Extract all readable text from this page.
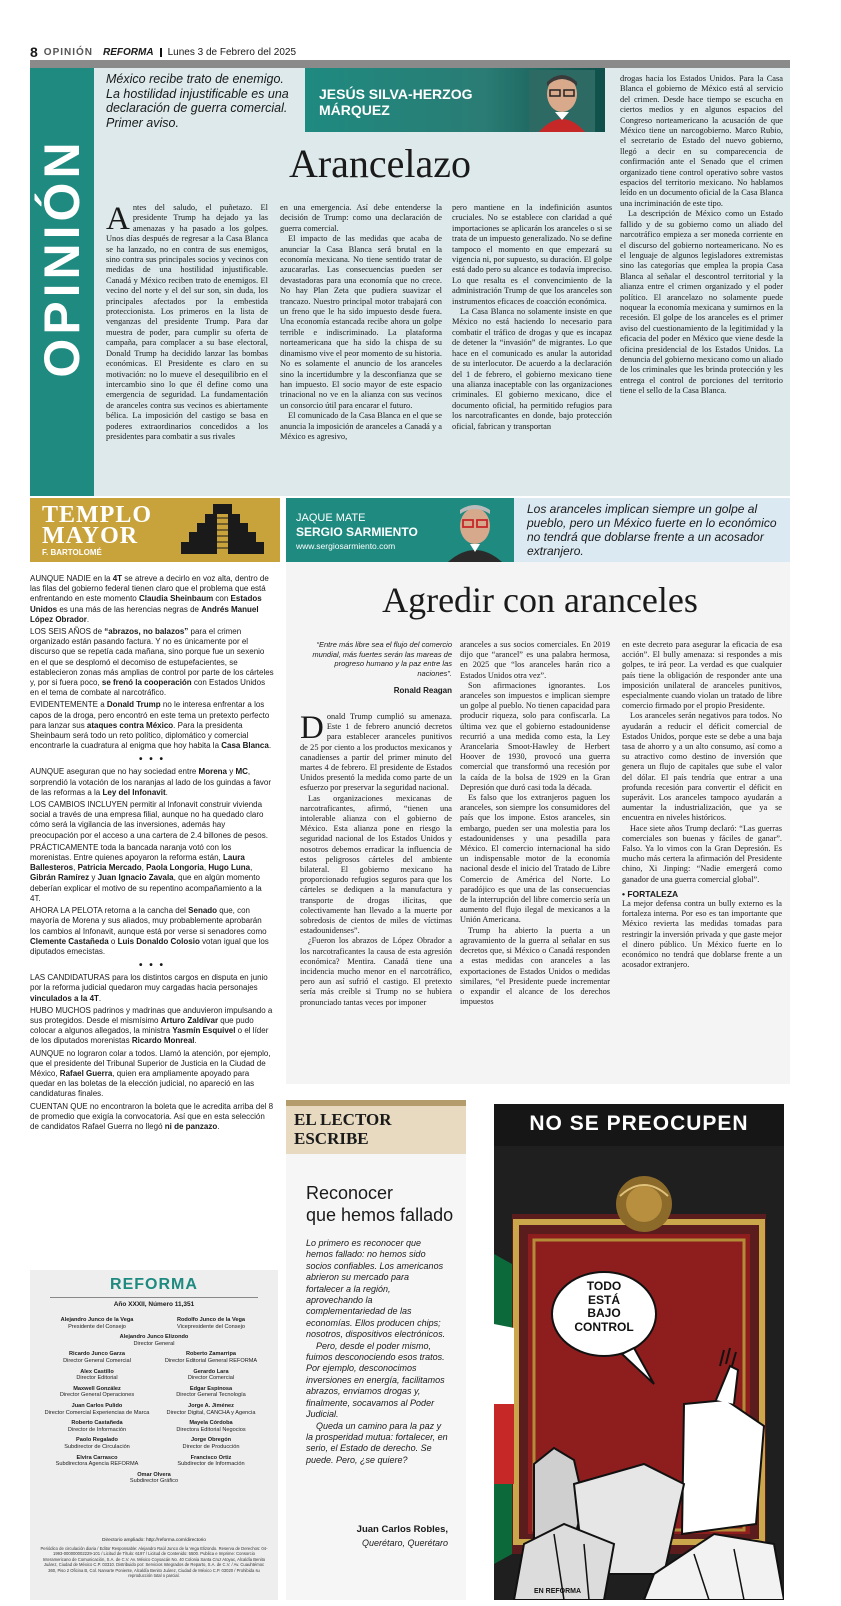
8 OPINIÓN REFORMA Lunes 3 de Febrero del 2025
OPINIÓN
México recibe trato de enemigo. La hostilidad injustificable es una declaración de guerra comercial. Primer aviso.
JESÚS SILVA-HERZOG MÁRQUEZ
Arancelazo

Antes del saludo, el puñetazo. El presidente Trump ha dejado ya las amenazas y ha pasado a los golpes. Unos días después de regresar a la Casa Blanca se ha lanzado, no en contra de sus enemigos, sino contra sus principales socios y vecinos con medidas de una hostilidad injustificable. Canadá y México reciben trato de enemigos. El vecino del norte y el del sur son, sin duda, los principales afectados por la embestida proteccionista. Los primeros en la lista de venganzas del presidente Trump. Para dar muestra de poder, para cumplir su oferta de campaña, para complacer a su base electoral, Donald Trump ha decidido lanzar las bombas económicas. El Presidente es claro en su motivación: no lo mueve el desequilibrio en el intercambio sino lo que él define como una emergencia de seguridad. La fundamentación de aranceles contra sus vecinos es abiertamente bélica. La imposición del castigo se basa en poderes extraordinarios concedidos a los presidentes para combatir a sus rivales

en una emergencia. Así debe entenderse la decisión de Trump: como una declaración de guerra comercial.

El impacto de las medidas que acaba de anunciar la Casa Blanca será brutal en la economía mexicana. No tiene sentido tratar de azucararlas. Las consecuencias pueden ser devastadoras para una economía que no crece. No hay Plan Zeta que pudiera suavizar el trancazo. Nuestro principal motor trabajará con un freno que le ha sido impuesto desde fuera. Una economía estancada recibe ahora un golpe terrible e indiscriminado. La plataforma norteamericana que ha sido la chispa de su dinamismo vive el peor momento de su historia. No es solamente el anuncio de los aranceles sino la incertidumbre y la desconfianza que se han impuesto. El socio mayor de este espacio trinacional no ve en la alianza con sus vecinos un consorcio útil para encarar el futuro.

El comunicado de la Casa Blanca en el que se anuncia la imposición de aranceles a Canadá y a México es agresivo,

pero mantiene en la indefinición asuntos cruciales. No se establece con claridad a qué importaciones se aplicarán los aranceles o si se trata de un impuesto generalizado. No se define tampoco el momento en que empezará su vigencia ni, por supuesto, su duración. El golpe está dado pero su alcance es todavía impreciso. Lo que resalta es el convencimiento de la administración Trump de que los aranceles son instrumentos eficaces de coacción económica.

La Casa Blanca no solamente insiste en que México no está haciendo lo necesario para combatir el tráfico de drogas y que es incapaz de detener la “invasión” de migrantes. Lo que hace en el comunicado es anular la autoridad de su interlocutor. De acuerdo a la declaración del 1 de febrero, el gobierno mexicano tiene una alianza inaceptable con las organizaciones criminales. El gobierno mexicano, dice el documento oficial, ha permitido refugios para los narcotraficantes en donde, bajo protección oficial, fabrican y transportan

drogas hacia los Estados Unidos. Para la Casa Blanca el gobierno de México está al servicio del crimen. Desde hace tiempo se escucha en ciertos medios y en algunos espacios del Congreso norteamericano la acusación de que México tiene un narcogobierno. Marco Rubio, el secretario de Estado del nuevo gobierno, llegó a decir en su comparecencia de confirmación ante el Senado que el crimen organizado tiene control operativo sobre vastos espacios del territorio mexicano. No hablamos leído en un documento oficial de la Casa Blanca una incriminación de este tipo.

La descripción de México como un Estado fallido y de su gobierno como un aliado del narcotráfico empieza a ser moneda corriente en el discurso del gobierno norteamericano. No es el lenguaje de algunos legisladores extremistas sino las categorías que emplea la propia Casa Blanca al señalar el descontrol territorial y la alianza entre el crimen organizado y el poder político. El arancelazo no solamente puede noquear la economía mexicana y sumirnos en la recesión. El golpe de los aranceles es el primer aviso del cuestionamiento de la legitimidad y la eficacia del poder en México que viene desde la oficina presidencial de los Estados Unidos. La denuncia del gobierno mexicano como un aliado de los criminales que les brinda protección y les entrega el control de porciones del territorio tiene el sello de la Casa Blanca.

TEMPLO
MAYOR
F. BARTOLOMÉ
JAQUE MATE
SERGIO SARMIENTO
www.sergiosarmiento.com
Los aranceles implican siempre un golpe al pueblo, pero un México fuerte en lo económico no tendrá que doblarse frente a un acosador extranjero.

AUNQUE NADIE en la 4T se atreve a decirlo en voz alta, dentro de las filas del gobierno federal tienen claro que el problema que está enfrentando en este momento Claudia Sheinbaum con Estados Unidos es una más de las herencias negras de Andrés Manuel López Obrador.

LOS SEIS AÑOS de “abrazos, no balazos” para el crimen organizado están pasando factura. Y no es únicamente por el discurso que se repetía cada mañana, sino porque fue un sexenio en el que se desplomó el decomiso de estupefacientes, se establecieron zonas más amplias de control por parte de los cárteles y, por si fuera poco, se frenó la cooperación con Estados Unidos en el tema de combate al narcotráfico.

EVIDENTEMENTE a Donald Trump no le interesa enfrentar a los capos de la droga, pero encontró en este tema un pretexto perfecto para lanzar sus ataques contra México. Para la presidenta Sheinbaum será todo un reto político, diplomático y comercial encontrarle la cuadratura al enigma que hoy habita la Casa Blanca.

• • •

AUNQUE aseguran que no hay sociedad entre Morena y MC, sorprendió la votación de los naranjas al lado de los guindas a favor de las reformas a la Ley del Infonavit.

LOS CAMBIOS INCLUYEN permitir al Infonavit construir vivienda social a través de una empresa filial, aunque no ha quedado claro cómo será la vigilancia de las inversiones, además hay preocupación por el acceso a una cartera de 2.4 billones de pesos.

PRÁCTICAMENTE toda la bancada naranja votó con los morenistas. Entre quienes apoyaron la reforma están, Laura Ballesteros, Patricia Mercado, Paola Longoria, Hugo Luna, Gibrán Ramírez y Juan Ignacio Zavala, que en algún momento deberían explicar el motivo de su repentino acompañamiento a la 4T.

AHORA LA PELOTA retorna a la cancha del Senado que, con mayoría de Morena y sus aliados, muy probablemente aprobarán los cambios al Infonavit, aunque está por verse si senadores como Clemente Castañeda o Luis Donaldo Colosio votan igual que los diputados emecistas.

• • •

LAS CANDIDATURAS para los distintos cargos en disputa en junio por la reforma judicial quedaron muy cargadas hacia personajes vinculados a la 4T.

HUBO MUCHOS padrinos y madrinas que anduvieron impulsando a sus protegidos. Desde el mismísimo Arturo Zaldívar que pudo colocar a algunos allegados, la ministra Yasmín Esquivel o el líder de los diputados morenistas Ricardo Monreal.

AUNQUE no lograron colar a todos. Llamó la atención, por ejemplo, que el presidente del Tribunal Superior de Justicia en la Ciudad de México, Rafael Guerra, quien era ampliamente apoyado para quedar en las boletas de la elección judicial, no apareció en las candidaturas finales.

CUENTAN QUE no encontraron la boleta que le acredita arriba del 8 de promedio que exigía la convocatoria. Así que en esta selección de candidatos Rafael Guerra no llegó ni de panzazo.

REFORMA
Año XXXII, Número 11,351
Alejandro Junco de la Vega
Presidente del Consejo
Rodolfo Junco de la Vega
Vicepresidente del Consejo
Alejandro Junco Elizondo
Director General
Ricardo Junco Garza
Director General Comercial
Roberto Zamarripa
Director Editorial General REFORMA
Alex Castillo
Director Editorial
Gerardo Lara
Director Comercial
Maxwell González
Director General Operaciones
Edgar Espinosa
Director General Tecnología
Juan Carlos Pulido
Director Comercial Experiencias de Marca
Jorge A. Jiménez
Director Digital, CANCHA y Agencia
Roberto Castañeda
Director de Información
Mayela Córdoba
Directora Editorial Negocios
Paolo Regalado
Subdirector de Circulación
Jorge Obregón
Director de Producción
Elvira Carrasco
Subdirectora Agencia REFORMA
Francisco Ortiz
Subdirector de Información
Omar Olvera
Subdirector Gráfico
Directorio ampliado: http://reforma.com/directorio
Periódico de circulación diaria / Editor Responsable: Alejandro Raúl Junco de la Vega Elizondo. Reserva de Derechos: 04-1993-000000002229-101 / Licitud de Título: 6197 / Licitud de Contenido: 5500. Publica e Imprime: Consorcio Interamericano de Comunicación, S.A. de C.V. Av. México Coyoacán No. 40 Colonia Santa Cruz Atoyac, Alcaldía Benito Juárez, Ciudad de México C.P. 03310. Distribuido por: Servicios Integrados de Reparto, S.A. de C.V. / Av. Cuauhtémoc 360, Piso 2 Oficina B, Col. Narvarte Poniente, Alcaldía Benito Juárez, Ciudad de México C.P. 03020 / Prohibida su reproducción total o parcial.
Agredir con aranceles
“Entre más libre sea el flujo del comercio mundial, más fuertes serán las mareas de progreso humano y la paz entre las naciones”.
Ronald Reagan

Donald Trump cumplió su amenaza. Este 1 de febrero anunció decretos para establecer aranceles punitivos de 25 por ciento a los productos mexicanos y canadienses a partir del primer minuto del martes 4 de febrero. El presidente de Estados Unidos presentó la medida como parte de un esfuerzo por preservar la seguridad nacional.

Las organizaciones mexicanas de narcotraficantes, afirmó, “tienen una intolerable alianza con el gobierno de México. Esta alianza pone en riesgo la seguridad nacional de los Estados Unidos y nosotros debemos erradicar la influencia de estos peligrosos cárteles del ambiente bilateral. El gobierno mexicano ha proporcionado refugios seguros para que los cárteles se dediquen a la manufactura y transporte de drogas ilícitas, que colectivamente han llevado a la muerte por sobredosis de cientos de miles de víctimas estadounidenses”.

¿Fueron los abrazos de López Obrador a los narcotraficantes la causa de esta agresión económica? Mentira. Canadá tiene una incidencia mucho menor en el narcotráfico, pero aun así sufrió el castigo. El pretexto sería más creíble si Trump no se hubiera pronunciado tantas veces por imponer

aranceles a sus socios comerciales. En 2019 dijo que “arancel” es una palabra hermosa, en 2025 que “los aranceles harán rico a Estados Unidos otra vez”.

Son afirmaciones ignorantes. Los aranceles son impuestos e implican siempre un golpe al pueblo. No tienen capacidad para producir riqueza, solo para confiscarla. La última vez que el gobierno estadounidense recurrió a una medida como esta, la Ley Arancelaria Smoot-Hawley de Herbert Hoover de 1930, provocó una guerra comercial que transformó una recesión por la caída de la bolsa de 1929 en la Gran Depresión que duró casi toda la década.

Es falso que los extranjeros paguen los aranceles, son siempre los consumidores del país que los impone. Estos aranceles, sin embargo, pueden ser una molestia para los estadounidenses y una pesadilla para México. El comercio internacional ha sido un indispensable motor de la economía nacional desde el inicio del Tratado de Libre Comercio de América del Norte. Lo paradójico es que una de las consecuencias de la interrupción del libre comercio sería un aumento del flujo ilegal de mexicanos a la Unión Americana.

Trump ha abierto la puerta a un agravamiento de la guerra al señalar en sus decretos que, si México o Canadá responden a estas medidas con aranceles a las exportaciones de Estados Unidos o medidas similares, “el Presidente puede incrementar o expandir el alcance de los derechos impuestos

en este decreto para asegurar la eficacia de esa acción”. El bully amenaza: si respondes a mis golpes, te irá peor. La verdad es que cualquier país tiene la obligación de responder ante una imposición unilateral de aranceles punitivos, especialmente cuando violan un tratado de libre comercio firmado por el propio Presidente.

Los aranceles serán negativos para todos. No ayudarán a reducir el déficit comercial de Estados Unidos, porque este se debe a una baja tasa de ahorro y a un alto consumo, así como a su atractivo como destino de inversión que genera un flujo de capitales que sube el valor del dólar. El país tendría que entrar a una profunda recesión para convertir el déficit en superávit. Los aranceles tampoco ayudarán a aumentar la industrialización, que ya se encuentra en niveles históricos.

Hace siete años Trump declaró: “Las guerras comerciales son buenas y fáciles de ganar”. Falso. Ya lo vimos con la Gran Depresión. Es mucho más certera la afirmación del Presidente chino, Xi Jinping: “Nadie emergerá como ganador de una guerra comercial global”.

• FORTALEZA

La mejor defensa contra un bully externo es la fortaleza interna. Por eso es tan importante que México revierta las medidas tomadas para restringir la inversión privada y que gaste mejor el dinero público. Un México fuerte en lo económico no tendrá que doblarse frente a un acosador extranjero.

EL LECTOR
ESCRIBE
Reconocer
que hemos fallado

Lo primero es reconocer que hemos fallado: no hemos sido socios confiables. Los americanos abrieron su mercado para fortalecer a la región, aprovechando la complementariedad de las economías. Ellos producen chips; nosotros, dispositivos electrónicos.

Pero, desde el poder mismo, fuimos desconociendo esos tratos. Por ejemplo, desconocimos inversiones en energía, facilitamos abrazos, enviamos drogas y, finalmente, socavamos al Poder Judicial.

Queda un camino para la paz y la prosperidad mutua: fortalecer, en serio, el Estado de derecho. Se puede. Pero, ¿se quiere?

Juan Carlos Robles,
Querétaro, Querétaro
NO SE PREOCUPEN
TODO
ESTÁ
BAJO
CONTROL
EN REFORMA
